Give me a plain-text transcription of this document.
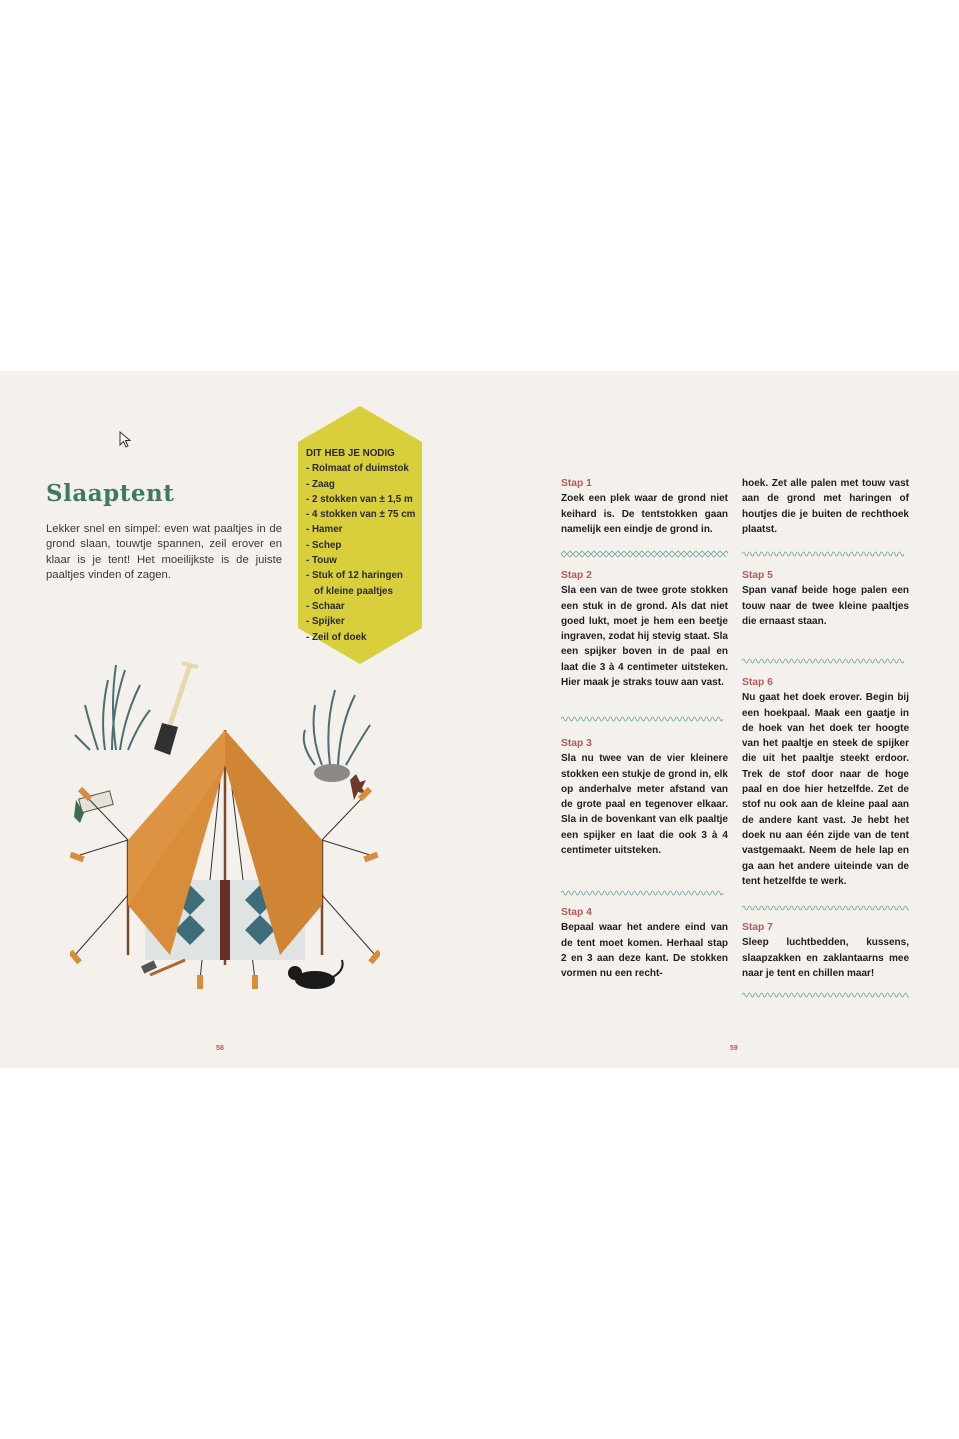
Slaaptent
Lekker snel en simpel: even wat paaltjes in de grond slaan, touwtje spannen, zeil erover en klaar is je tent! Het moeilijkste is de juiste paaltjes vinden of zagen.
DIT HEB JE NODIG
- Rolmaat of duimstok
- Zaag
- 2 stokken van ± 1,5 m
- 4 stokken van ± 75 cm
- Hamer
- Schep
- Touw
- Stuk of 12 haringen
of kleine paaltjes
- Schaar
- Spijker
- Zeil of doek
Stap 1
Zoek een plek waar de grond niet keihard is. De tentstokken gaan namelijk een eindje de grond in.
Stap 2
Sla een van de twee grote stokken een stuk in de grond. Als dat niet goed lukt, moet je hem een beetje ingraven, zodat hij stevig staat. Sla een spijker boven in de paal en laat die 3 à 4 centimeter uitsteken. Hier maak je straks touw aan vast.
Stap 3
Sla nu twee van de vier kleinere stokken een stukje de grond in, elk op anderhalve meter afstand van de grote paal en tegenover elkaar. Sla in de bovenkant van elk paaltje een spijker en laat die ook 3 à 4 centimeter uitsteken.
Stap 4
Bepaal waar het andere eind van de tent moet komen. Herhaal stap 2 en 3 aan deze kant. De stokken vormen nu een recht-
hoek. Zet alle palen met touw vast aan de grond met haringen of houtjes die je buiten de rechthoek plaatst.
Stap 5
Span vanaf beide hoge palen een touw naar de twee kleine paaltjes die ernaast staan.
Stap 6
Nu gaat het doek erover. Begin bij een hoekpaal. Maak een gaatje in de hoek van het doek ter hoogte van het paaltje en steek de spijker die uit het paaltje steekt erdoor. Trek de stof door naar de hoge paal en doe hier hetzelfde. Zet de stof nu ook aan de kleine paal aan de andere kant vast. Je hebt het doek nu aan één zijde van de tent vastgemaakt. Neem de hele lap en ga aan het andere uiteinde van de tent hetzelfde te werk.
Stap 7
Sleep luchtbedden, kussens, slaapzakken en zaklantaarns mee naar je tent en chillen maar!
58	59
